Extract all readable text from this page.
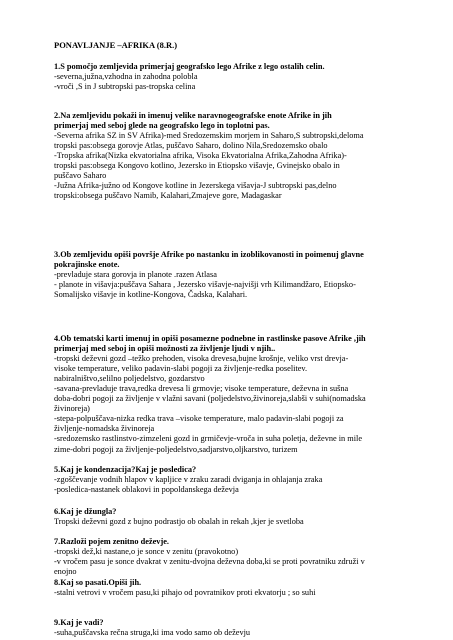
PONAVLJANJE –AFRIKA (8.R.)
1.S pomočjo zemljevida primerjaj geografsko lego Afrike z lego ostalih celin.
-severna,južna,vzhodna in zahodna polobla
-vroči ,S in J subtropski pas-tropska celina
2.Na zemljevidu pokaži in imenuj velike naravnogeografske enote Afrike in jih
primerjaj med seboj glede na geografsko lego in toplotni pas.
-Severna afrika SZ in SV Afrika)-med Sredozemskim morjem in Saharo,S subtropski,deloma
tropski pas:obsega gorovje Atlas, puščavo Saharo, dolino Nila,Sredozemsko obalo
-Tropska afrika(Nizka ekvatorialna afrika, Visoka Ekvatorialna Afrika,Zahodna Afrika)-
tropski pas:obsega Kongovo kotlino, Jezersko in Etiopsko višavje, Gvinejsko obalo in
puščavo Saharo
-Južna Afrika-južno od Kongove kotline in Jezerskega višavja-J subtropski pas,delno
tropski:obsega puščavo Namib, Kalahari,Zmajeve gore, Madagaskar
3.Ob zemljevidu opiši površje Afrike po nastanku in izoblikovanosti in poimenuj glavne
pokrajinske enote.
-prevladuje stara gorovja in planote .razen Atlasa
- planote in višavja:puščava Sahara , Jezersko višavje-najvišji vrh Kilimandžaro, Etiopsko-
Somalijsko višavje in kotline-Kongova, Čadska, Kalahari.
4.Ob tematski karti imenuj in opiši posamezne podnebne in rastlinske pasove Afrike ,jih
primerjaj med seboj in opiši možnosti za življenje ljudi v njih..
-tropski deževni gozd –težko prehoden, visoka drevesa,bujne krošnje, veliko vrst drevja-
visoke temperature, veliko padavin-slabi pogoji za življenje-redka poselitev.
nabiralništvo,selilno poljedelstvo, gozdarstvo
-savana-prevladuje trava,redka drevesa li grmovje; visoke temperature, deževna in sušna
doba-dobri pogoji za življenje v vlažni savani (poljedelstvo,živinoreja,slabši v suhi(nomadska
živinoreja)
-stepa-polpuščava-nizka redka trava –visoke temperature, malo padavin-slabi pogoji za
življenje-nomadska živinoreja
-sredozemsko rastlinstvo-zimzeleni gozd in grmičevje-vroča in suha poletja, deževne in mile
zime-dobri pogoji za življenje-poljedelstvo,sadjarstvo,oljkarstvo, turizem
5.Kaj je kondenzacija?Kaj je posledica?
-zgoščevanje vodnih hlapov v kapljice v zraku zaradi dviganja in ohlajanja zraka
-posledica-nastanek oblakovi in popoldanskega deževja
6.Kaj je džungla?
Tropski deževni gozd z bujno podrastjo ob obalah in rekah ,kjer je svetloba
7.Razloži pojem zenitno deževje.
-tropski dež,ki nastane,o je sonce v zenitu (pravokotno)
-v vročem pasu je sonce dvakrat v zenitu-dvojna deževna doba,ki se proti povratniku združi v
enojno
8.Kaj so pasati.Opiši jih.
-stalni vetrovi v vročem pasu,ki pihajo od povratnikov proti ekvatorju ; so suhi
9.Kaj je vadi?
-suha,puščavska rečna struga,ki ima vodo samo ob deževju
